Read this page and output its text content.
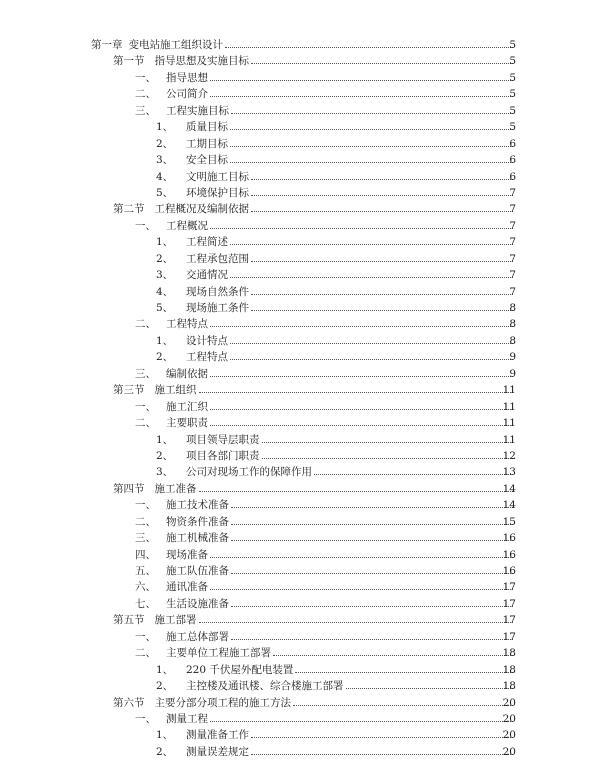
第一章 变电站施工组织设计	5
第一节 指导思想及实施目标	5
一、 指导思想	5
二、 公司简介	5
三、 工程实施目标	5
1、	质量目标	5
2、	工期目标	6
3、	安全目标	6
4、	文明施工目标	6
5、	环境保护目标	7
第二节 工程概况及编制依据	7
一、 工程概况	7
1、	工程简述	7
2、	工程承包范围	7
3、	交通情况	7
4、	现场自然条件	7
5、	现场施工条件	8
二、 工程特点	8
1、	设计特点	8
2、	工程特点	9
三、 编制依据	9
第三节 施工组织	11
一、 施工汇织	11
二、 主要职责	11
1、	项目领导层职责	11
2、	项目各部门职责	12
3、	公司对现场工作的保障作用	13
第四节 施工准备	14
一、 施工技术准备	14
二、 物资条件准备	15
三、 施工机械准备	16
四、 现场准备	16
五、 施工队伍准备	16
六、 通讯准备	17
七、 生活设施准备	17
第五节 施工部署	17
一、 施工总体部署	17
二、 主要单位工程施工部署	18
1、	220 千伏屋外配电装置	18
2、	主控楼及通讯楼、综合楼施工部署	18
第六节 主要分部分项工程的施工方法	20
一、 测量工程	20
1、	测量准备工作	20
2、	测量误差规定	20
